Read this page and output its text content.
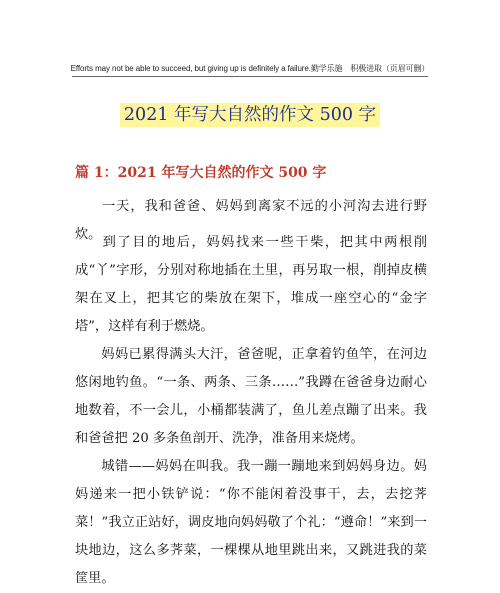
Efforts may not be able to succeed, but giving up is definitely a failure.勤学乐施　积极进取（页眉可删）
2021 年写大自然的作文 500 字
篇 1：2021 年写大自然的作文 500 字

一天，我和爸爸、妈妈到离家不远的小河沟去进行野炊。

到了目的地后，妈妈找来一些干柴，把其中两根削成“丫”字形，分别对称地插在土里，再另取一根，削掉皮横架在叉上，把其它的柴放在架下，堆成一座空心的“金字塔”，这样有利于燃烧。

妈妈已累得满头大汗，爸爸呢，正拿着钓鱼竿，在河边悠闲地钓鱼。“一条、两条、三条……”我蹲在爸爸身边耐心地数着，不一会儿，小桶都装满了，鱼儿差点蹦了出来。我和爸爸把 20 多条鱼剖开、洗净，准备用来烧烤。

城错——妈妈在叫我。我一蹦一蹦地来到妈妈身边。妈妈递来一把小铁铲说：“你不能闲着没事干，去，去挖荠菜！”我立正站好，调皮地向妈妈敬了个礼：“遵命！”来到一块地边，这么多荠菜，一棵棵从地里跳出来，又跳进我的菜筐里。
